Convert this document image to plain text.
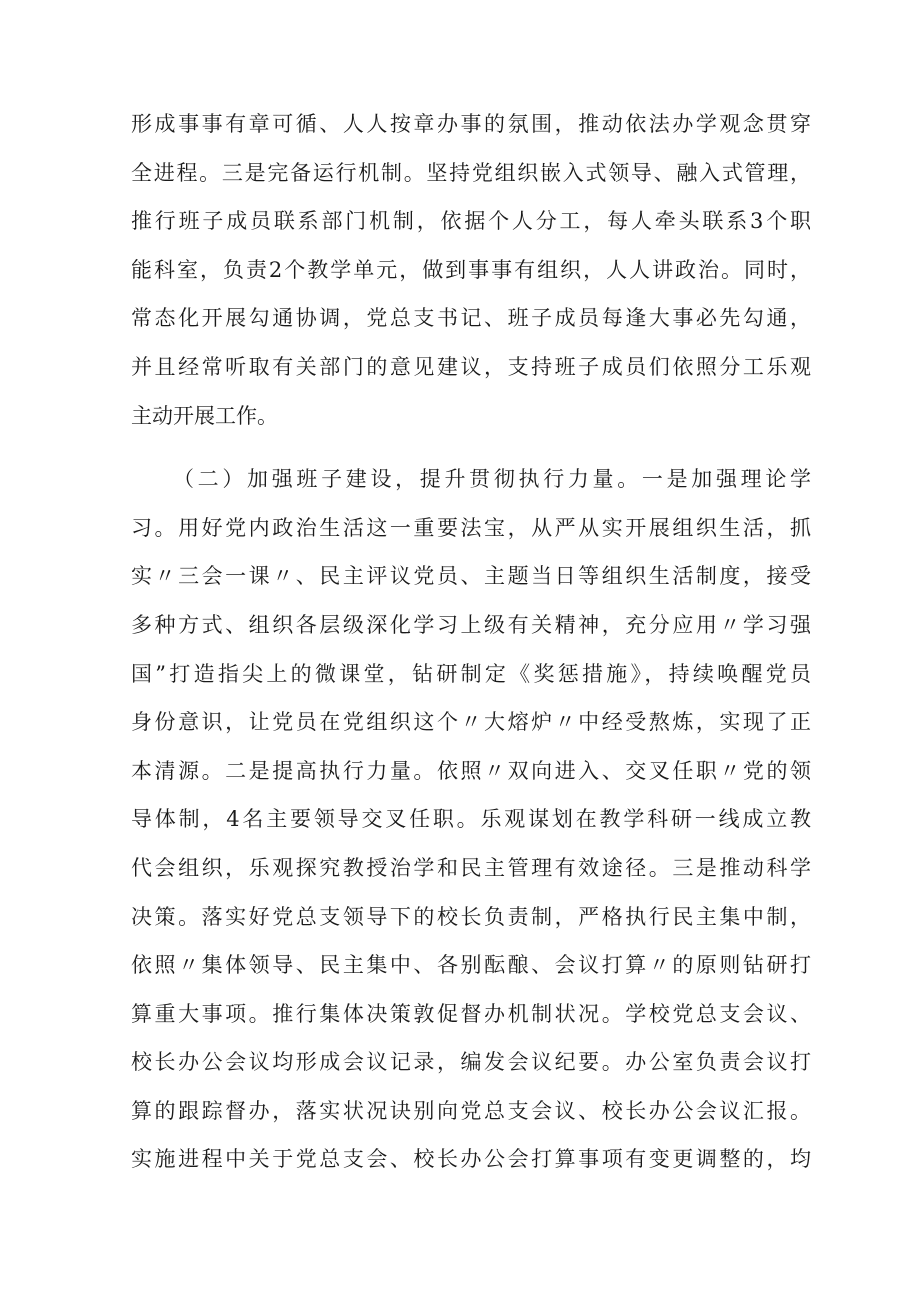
形成事事有章可循、人人按章办事的氛围，推动依法办学观念贯穿
全进程。三是完备运行机制。坚持党组织嵌入式领导、融入式管理，
推行班子成员联系部门机制，依据个人分工，每人牵头联系3个职
能科室，负责2个教学单元，做到事事有组织，人人讲政治。同时，
常态化开展勾通协调，党总支书记、班子成员每逢大事必先勾通，
并且经常听取有关部门的意见建议，支持班子成员们依照分工乐观
主动开展工作。
（二）加强班子建设，提升贯彻执行力量。一是加强理论学
习。用好党内政治生活这一重要法宝，从严从实开展组织生活，抓
实〃三会一课〃、民主评议党员、主题当日等组织生活制度，接受
多种方式、组织各层级深化学习上级有关精神，充分应用〃学习强
国”打造指尖上的微课堂，钻研制定《奖惩措施》，持续唤醒党员
身份意识，让党员在党组织这个〃大熔炉〃中经受熬炼，实现了正
本清源。二是提高执行力量。依照〃双向进入、交叉任职〃党的领
导体制，4名主要领导交叉任职。乐观谋划在教学科研一线成立教
代会组织，乐观探究教授治学和民主管理有效途径。三是推动科学
决策。落实好党总支领导下的校长负责制，严格执行民主集中制，
依照〃集体领导、民主集中、各别酝酿、会议打算〃的原则钻研打
算重大事项。推行集体决策敦促督办机制状况。学校党总支会议、
校长办公会议均形成会议记录，编发会议纪要。办公室负责会议打
算的跟踪督办，落实状况诀别向党总支会议、校长办公会议汇报。
实施进程中关于党总支会、校长办公会打算事项有变更调整的，均
